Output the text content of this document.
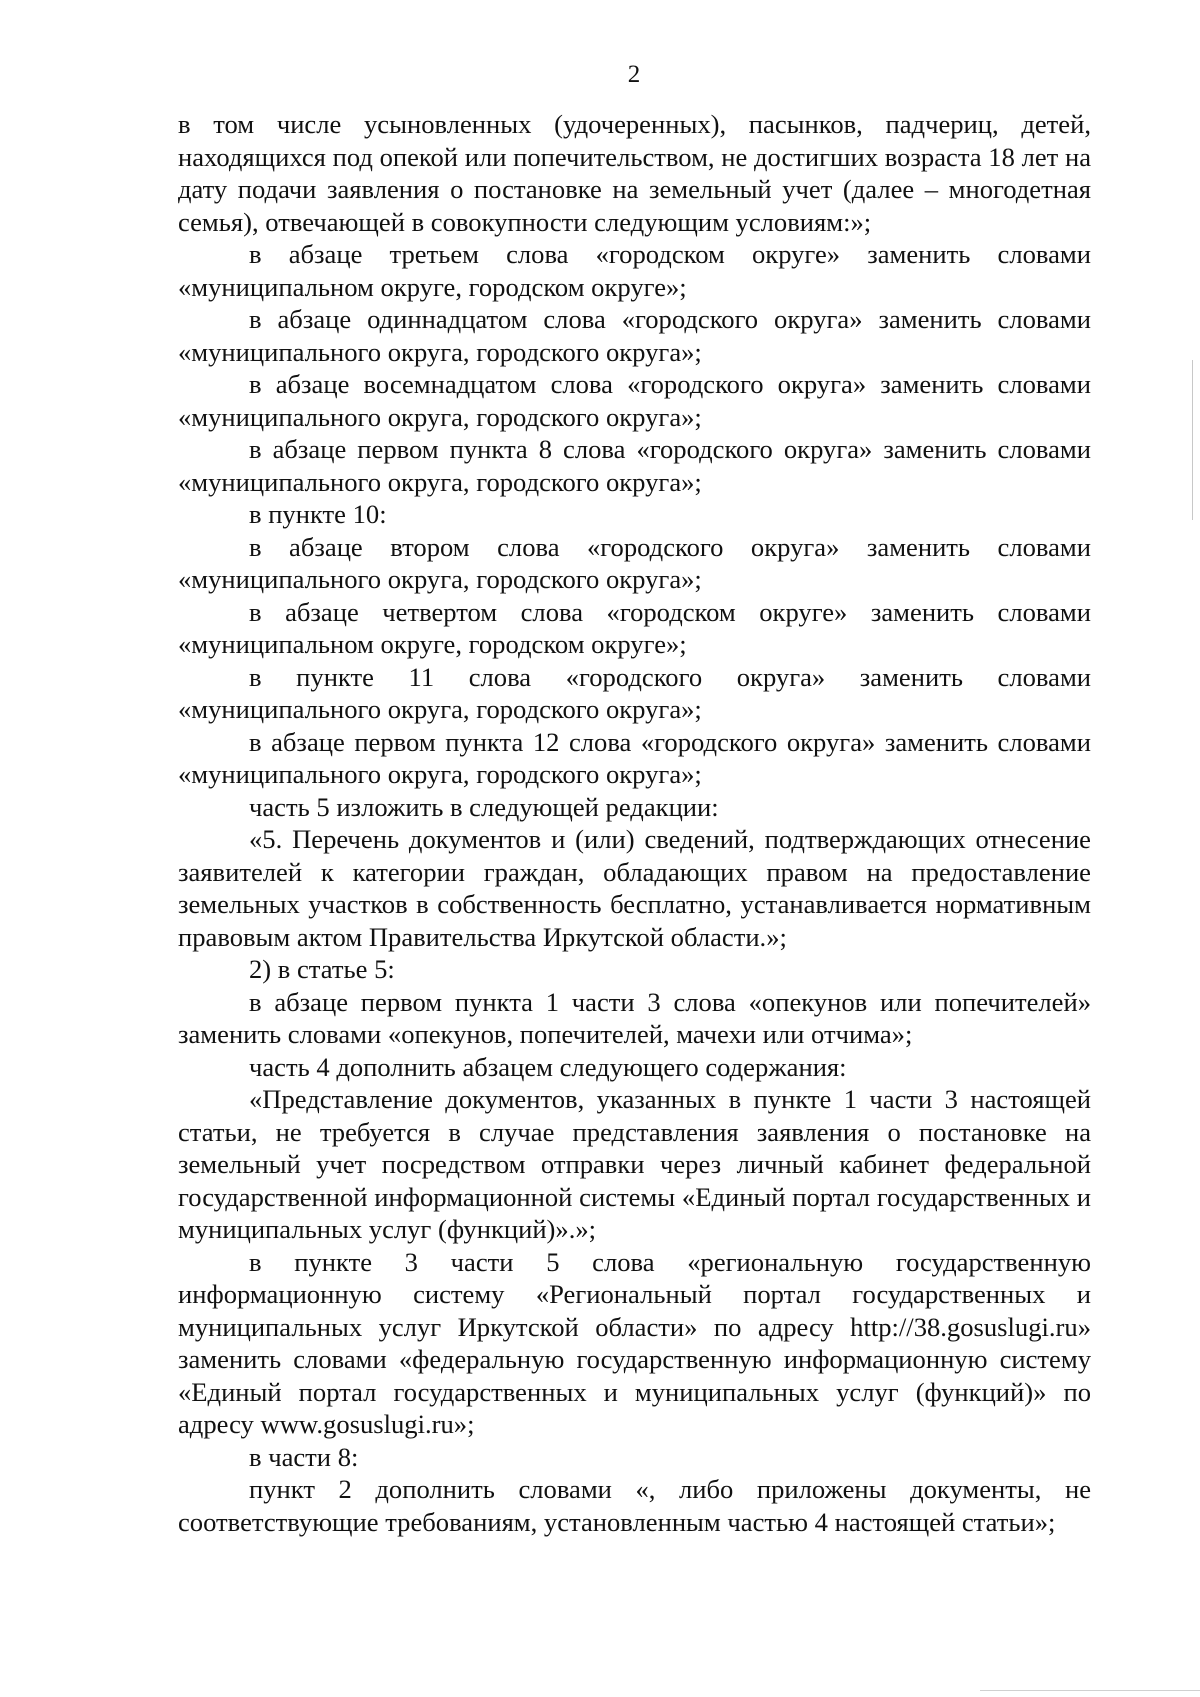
2

в том числе усыновленных (удочеренных), пасынков, падчериц, детей, находящихся под опекой или попечительством, не достигших возраста 18 лет на дату подачи заявления о постановке на земельный учет (далее – многодетная семья), отвечающей в совокупности следующим условиям:»;

в абзаце третьем слова «городском округе» заменить словами «муниципальном округе, городском округе»;

в абзаце одиннадцатом слова «городского округа» заменить словами «муниципального округа, городского округа»;

в абзаце восемнадцатом слова «городского округа» заменить словами «муниципального округа, городского округа»;

в абзаце первом пункта 8 слова «городского округа» заменить словами «муниципального округа, городского округа»;

в пункте 10:

в абзаце втором слова «городского округа» заменить словами «муниципального округа, городского округа»;

в абзаце четвертом слова «городском округе» заменить словами «муниципальном округе, городском округе»;

в пункте 11 слова «городского округа» заменить словами «муниципального округа, городского округа»;

в абзаце первом пункта 12 слова «городского округа» заменить словами «муниципального округа, городского округа»;

часть 5 изложить в следующей редакции:

«5. Перечень документов и (или) сведений, подтверждающих отнесение заявителей к категории граждан, обладающих правом на предоставление земельных участков в собственность бесплатно, устанавливается нормативным правовым актом Правительства Иркутской области.»;

2) в статье 5:

в абзаце первом пункта 1 части 3 слова «опекунов или попечителей» заменить словами «опекунов, попечителей, мачехи или отчима»;

часть 4 дополнить абзацем следующего содержания:

«Представление документов, указанных в пункте 1 части 3 настоящей статьи, не требуется в случае представления заявления о постановке на земельный учет посредством отправки через личный кабинет федеральной государственной информационной системы «Единый портал государственных и муниципальных услуг (функций)».»;

в пункте 3 части 5 слова «региональную государственную информационную систему «Региональный портал государственных и муниципальных услуг Иркутской области» по адресу http://38.gosuslugi.ru» заменить словами «федеральную государственную информационную систему «Единый портал государственных и муниципальных услуг (функций)» по адресу www.gosuslugi.ru»;

в части 8:

пункт 2 дополнить словами «, либо приложены документы, не соответствующие требованиям, установленным частью 4 настоящей статьи»;
